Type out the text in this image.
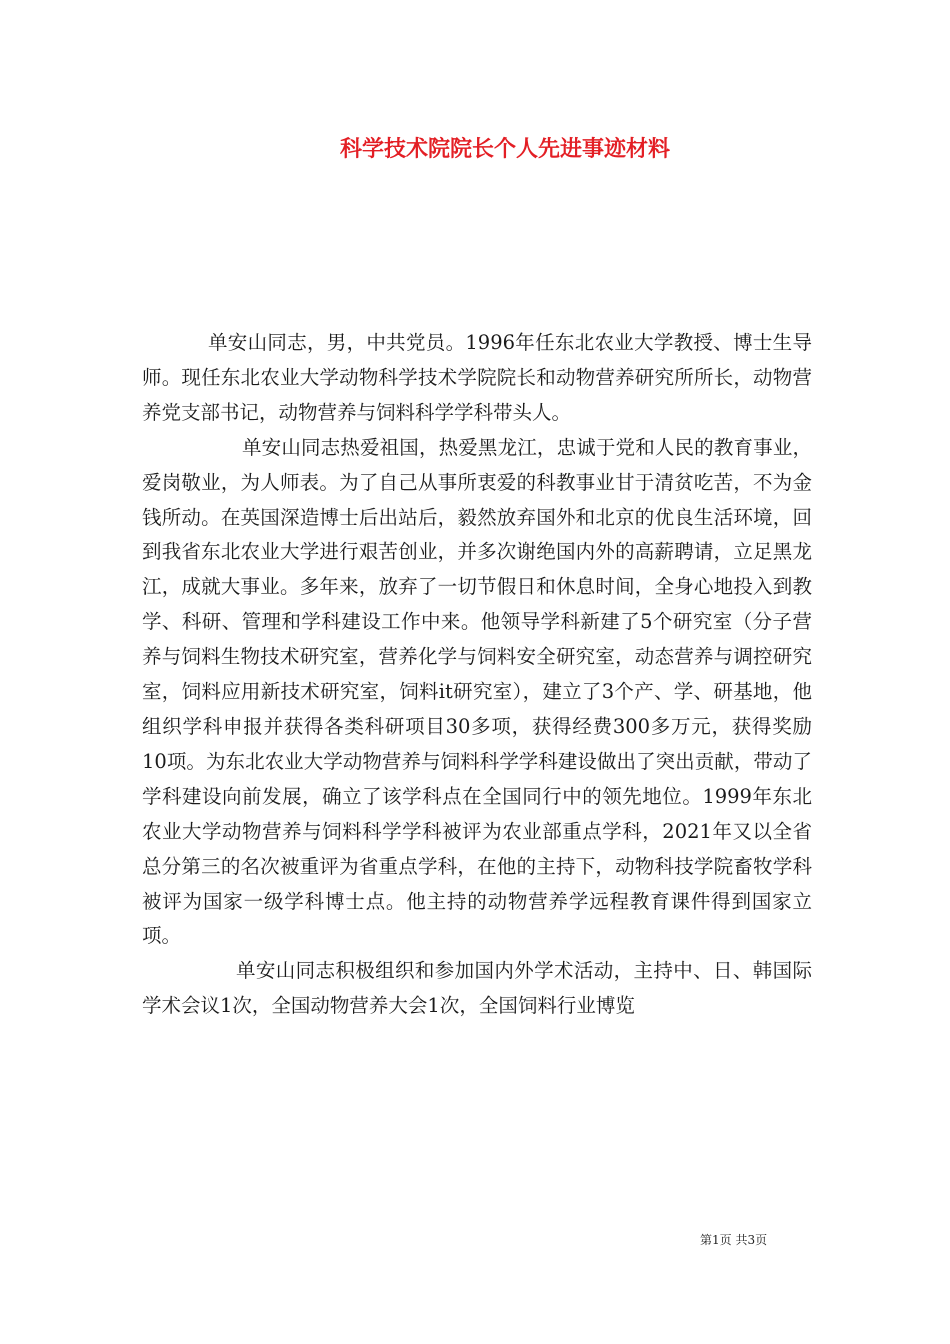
科学技术院院长个人先进事迹材料

单安山同志，男，中共党员。1996年任东北农业大学教授、博士生导师。现任东北农业大学动物科学技术学院院长和动物营养研究所所长，动物营养党支部书记，动物营养与饲料科学学科带头人。

单安山同志热爱祖国，热爱黑龙江，忠诚于党和人民的教育事业，爱岗敬业，为人师表。为了自己从事所衷爱的科教事业甘于清贫吃苦，不为金钱所动。在英国深造博士后出站后，毅然放弃国外和北京的优良生活环境，回到我省东北农业大学进行艰苦创业，并多次谢绝国内外的高薪聘请，立足黑龙江，成就大事业。多年来，放弃了一切节假日和休息时间，全身心地投入到教学、科研、管理和学科建设工作中来。他领导学科新建了5个研究室（分子营养与饲料生物技术研究室，营养化学与饲料安全研究室，动态营养与调控研究室，饲料应用新技术研究室，饲料it研究室），建立了3个产、学、研基地，他组织学科申报并获得各类科研项目30多项，获得经费300多万元，获得奖励10项。为东北农业大学动物营养与饲料科学学科建设做出了突出贡献，带动了学科建设向前发展，确立了该学科点在全国同行中的领先地位。1999年东北农业大学动物营养与饲料科学学科被评为农业部重点学科，2021年又以全省总分第三的名次被重评为省重点学科，在他的主持下，动物科技学院畜牧学科被评为国家一级学科博士点。他主持的动物营养学远程教育课件得到国家立项。

单安山同志积极组织和参加国内外学术活动，主持中、日、韩国际学术会议1次，全国动物营养大会1次，全国饲料行业博览

第1页 共3页
